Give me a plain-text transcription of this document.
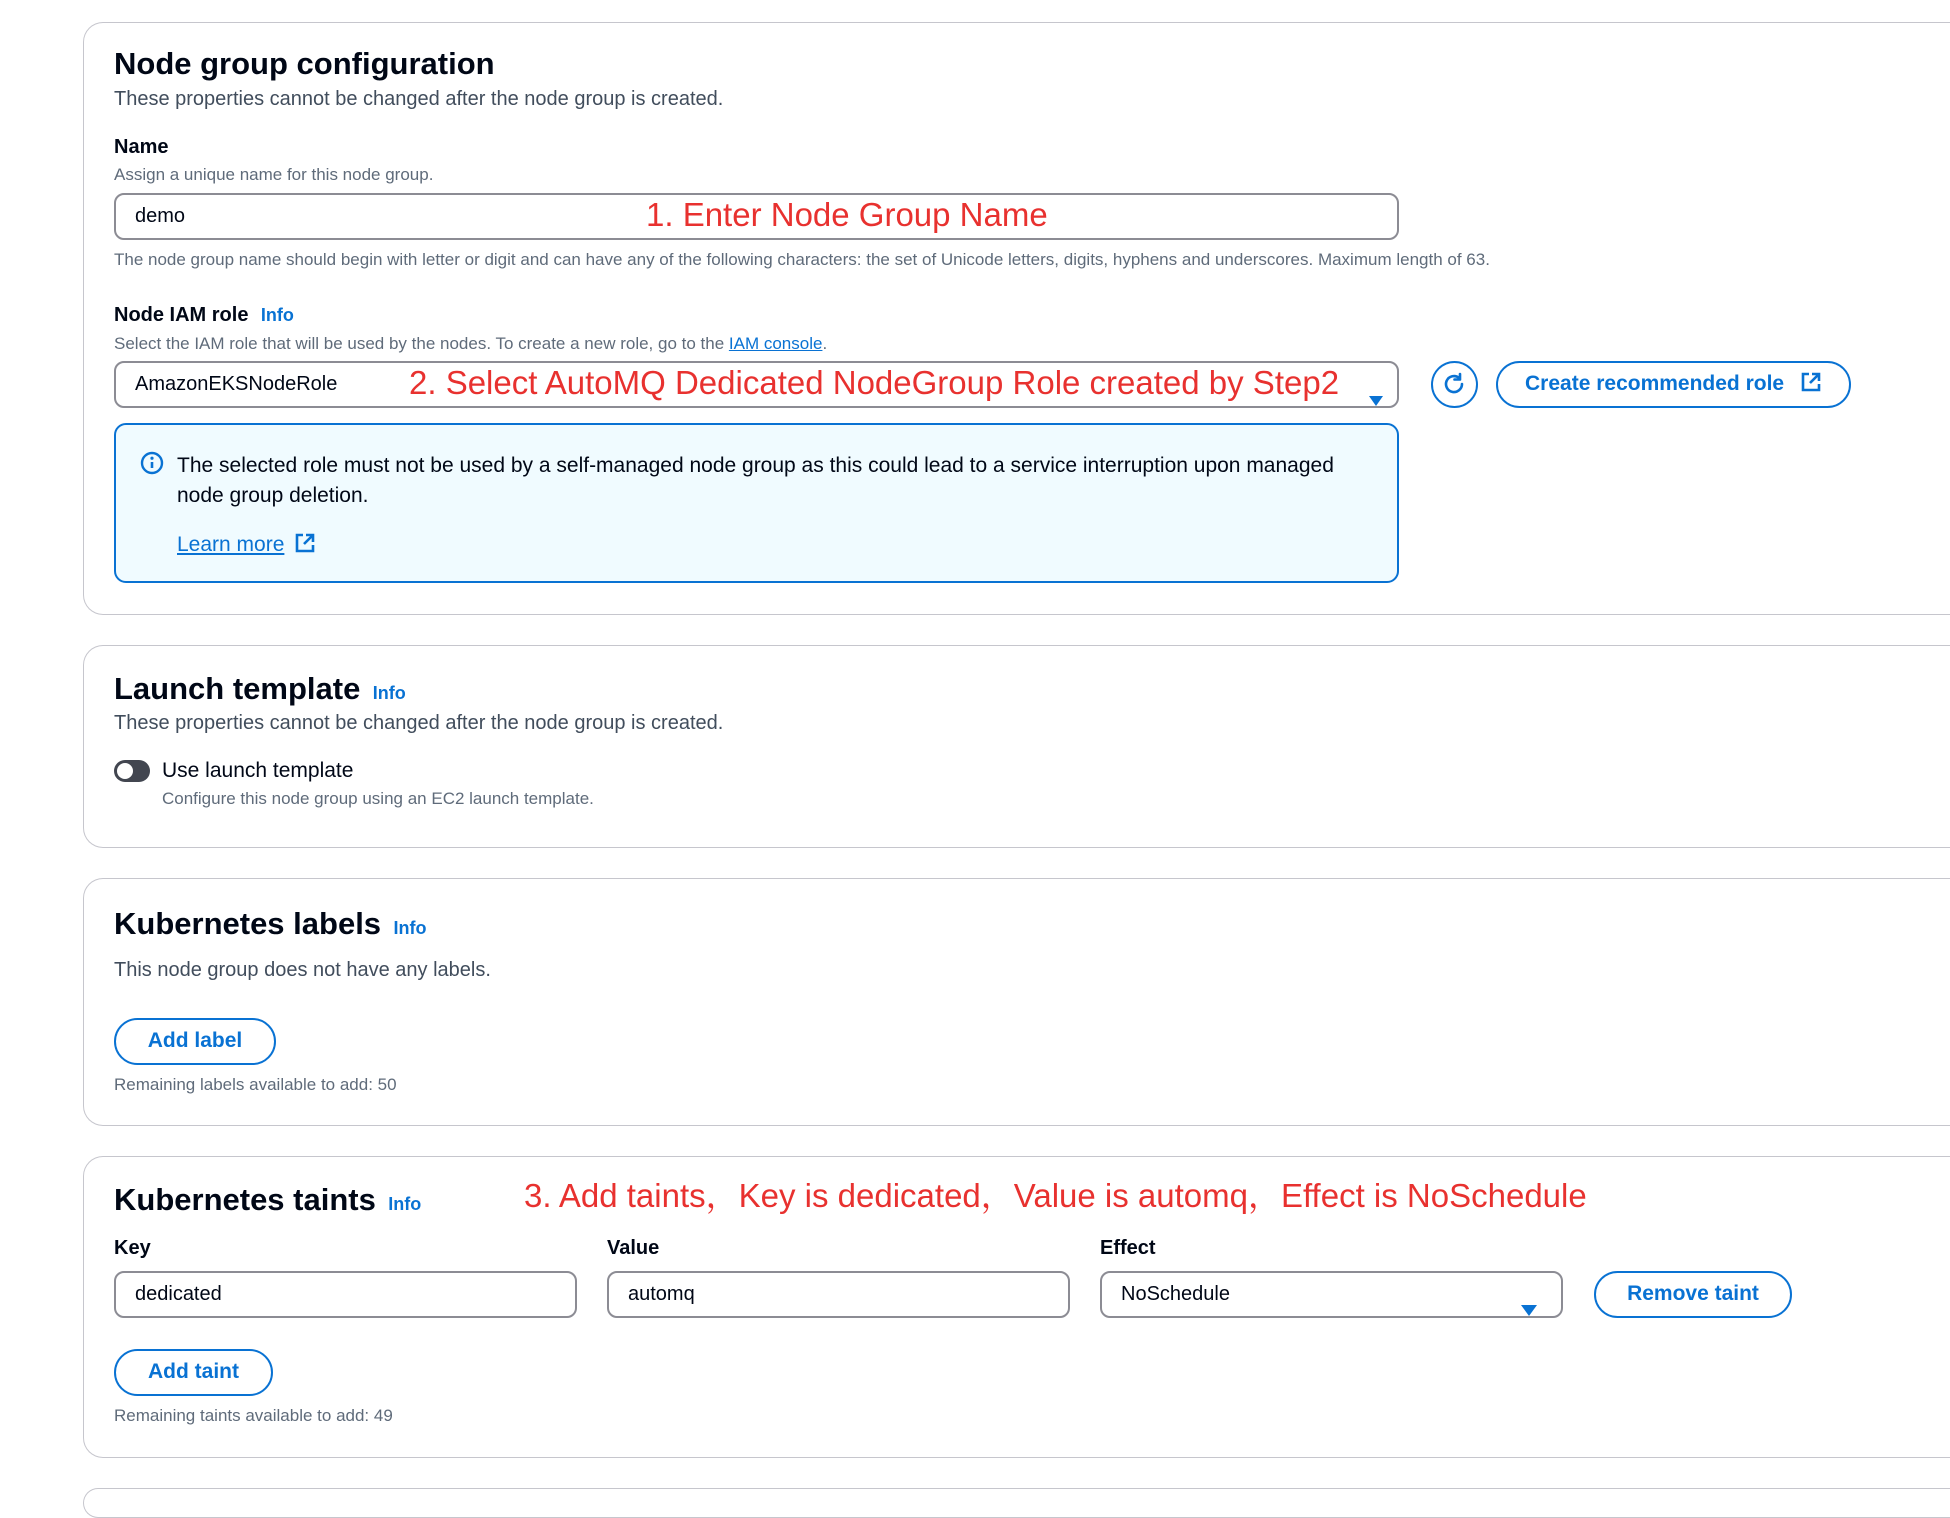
Node group configuration
These properties cannot be changed after the node group is created.
Name
Assign a unique name for this node group.
demo	1. Enter Node Group Name
The node group name should begin with letter or digit and can have any of the following characters: the set of Unicode letters, digits, hyphens and underscores. Maximum length of 63.
Node IAM role Info
Select the IAM role that will be used by the nodes. To create a new role, go to the IAM console.
AmazonEKSNodeRole	2. Select AutoMQ Dedicated NodeGroup Role created by Step2	Create recommended role
The selected role must not be used by a self-managed node group as this could lead to a service interruption upon managed
node group deletion.
Learn more
Launch template Info
These properties cannot be changed after the node group is created.
Use launch template
Configure this node group using an EC2 launch template.
Kubernetes labels Info
This node group does not have any labels.
Add label
Remaining labels available to add: 50
Kubernetes taints Info	3. Add taints，Key is dedicated，Value is automq，Effect is NoSchedule
Key	Value	Effect
dedicated	automq	NoSchedule	Remove taint
Add taint
Remaining taints available to add: 49
